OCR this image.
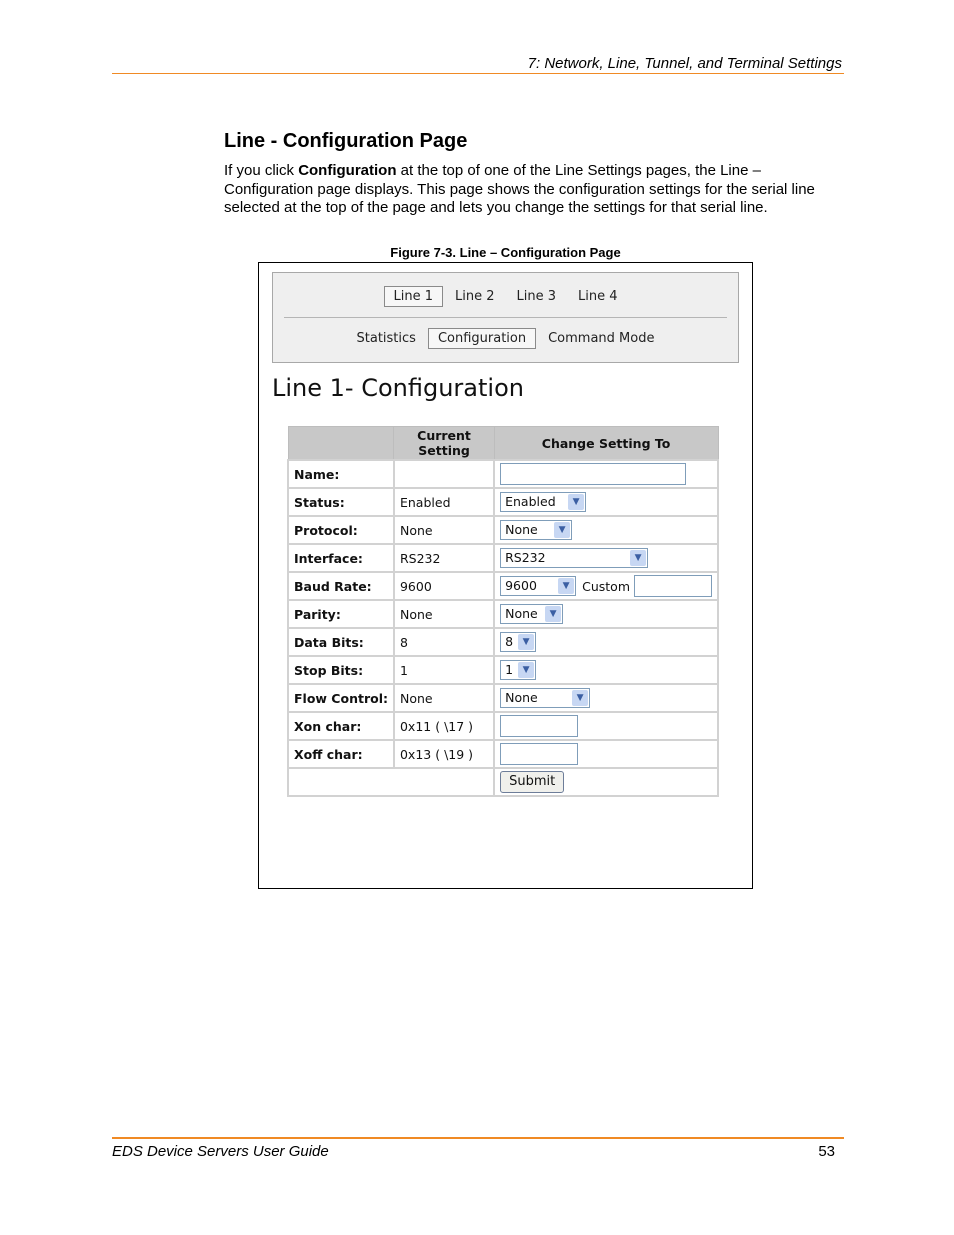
7: Network, Line, Tunnel, and Terminal Settings
Line - Configuration Page
If you click Configuration at the top of one of the Line Settings pages, the Line – Configuration page displays. This page shows the configuration settings for the serial line selected at the top of the page and lets you change the settings for that serial line.
Figure 7-3. Line – Configuration Page
Line 1	Line 2	Line 3	Line 4
Statistics	Configuration	Command Mode
Line 1- Configuration
	Current Setting	Change Setting To
Name:		
Status:	Enabled	Enabled ▼

Protocol:	None	None ▼

Interface:	RS232	RS232 ▼

Baud Rate:	9600	9600 ▼ Custom
Parity:	None	None ▼

Data Bits:	8	8 ▼

Stop Bits:	1	1 ▼

Flow Control:	None	None ▼

Xon char:	0x11 ( \17 )	
Xoff char:	0x13 ( \19 )	
		Submit
EDS Device Servers User Guide	53
